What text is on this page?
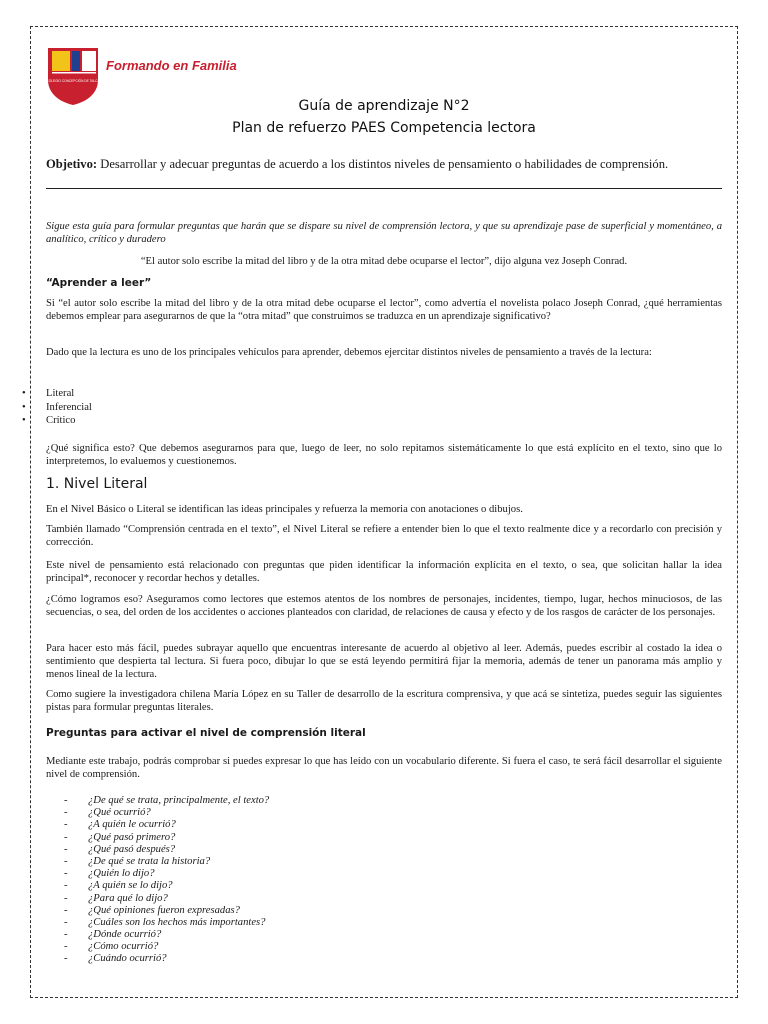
COLEGIO CONCEPCIÓN DE TALCA
Formando en Familia
Guía de aprendizaje N°2
Plan de refuerzo PAES Competencia lectora
Objetivo: Desarrollar y adecuar preguntas de acuerdo a los distintos niveles de pensamiento o habilidades de comprensión.
Sigue esta guía para formular preguntas que harán que se dispare su nivel de comprensión lectora, y que su aprendizaje pase de superficial y momentáneo, a analítico, crítico y duradero
“El autor solo escribe la mitad del libro y de la otra mitad debe ocuparse el lector”, dijo alguna vez Joseph Conrad.
“Aprender a leer”
Si “el autor solo escribe la mitad del libro y de la otra mitad debe ocuparse el lector”, como advertía el novelista polaco Joseph Conrad, ¿qué herramientas debemos emplear para asegurarnos de que la “otra mitad” que construimos se traduzca en un aprendizaje significativo?
Dado que la lectura es uno de los principales vehículos para aprender, debemos ejercitar distintos niveles de pensamiento a través de la lectura:
• Literal
• Inferencial
• Crítico
¿Qué significa esto? Que debemos asegurarnos para que, luego de leer, no solo repitamos sistemáticamente lo que está explícito en el texto, sino que lo interpretemos, lo evaluemos y cuestionemos.
1. Nivel Literal
En el Nivel Básico o Literal se identifican las ideas principales y refuerza la memoria con anotaciones o dibujos.
También llamado “Comprensión centrada en el texto”, el Nivel Literal se refiere a entender bien lo que el texto realmente dice y a recordarlo con precisión y corrección.
Este nivel de pensamiento está relacionado con preguntas que piden identificar la información explícita en el texto, o sea, que solicitan hallar la idea principal*, reconocer y recordar hechos y detalles.
¿Cómo logramos eso? Aseguramos como lectores que estemos atentos de los nombres de personajes, incidentes, tiempo, lugar, hechos minuciosos, de las secuencias, o sea, del orden de los accidentes o acciones planteados con claridad, de relaciones de causa y efecto y de los rasgos de carácter de los personajes.
Para hacer esto más fácil, puedes subrayar aquello que encuentras interesante de acuerdo al objetivo al leer. Además, puedes escribir al costado la idea o sentimiento que despierta tal lectura. Si fuera poco, dibujar lo que se está leyendo permitirá fijar la memoria, además de tener un panorama más amplio y menos lineal de la lectura.
Como sugiere la investigadora chilena María López en su Taller de desarrollo de la escritura comprensiva, y que acá se sintetiza, puedes seguir las siguientes pistas para formular preguntas literales.
Preguntas para activar el nivel de comprensión literal
Mediante este trabajo, podrás comprobar si puedes expresar lo que has leído con un vocabulario diferente. Si fuera el caso, te será fácil desarrollar el siguiente nivel de comprensión.
- ¿De qué se trata, principalmente, el texto?
- ¿Qué ocurrió?
- ¿A quién le ocurrió?
- ¿Qué pasó primero?
- ¿Qué pasó después?
- ¿De qué se trata la historia?
- ¿Quién lo dijo?
- ¿A quién se lo dijo?
- ¿Para qué lo dijo?
- ¿Qué opiniones fueron expresadas?
- ¿Cuáles son los hechos más importantes?
- ¿Dónde ocurrió?
- ¿Cómo ocurrió?
- ¿Cuándo ocurrió?
